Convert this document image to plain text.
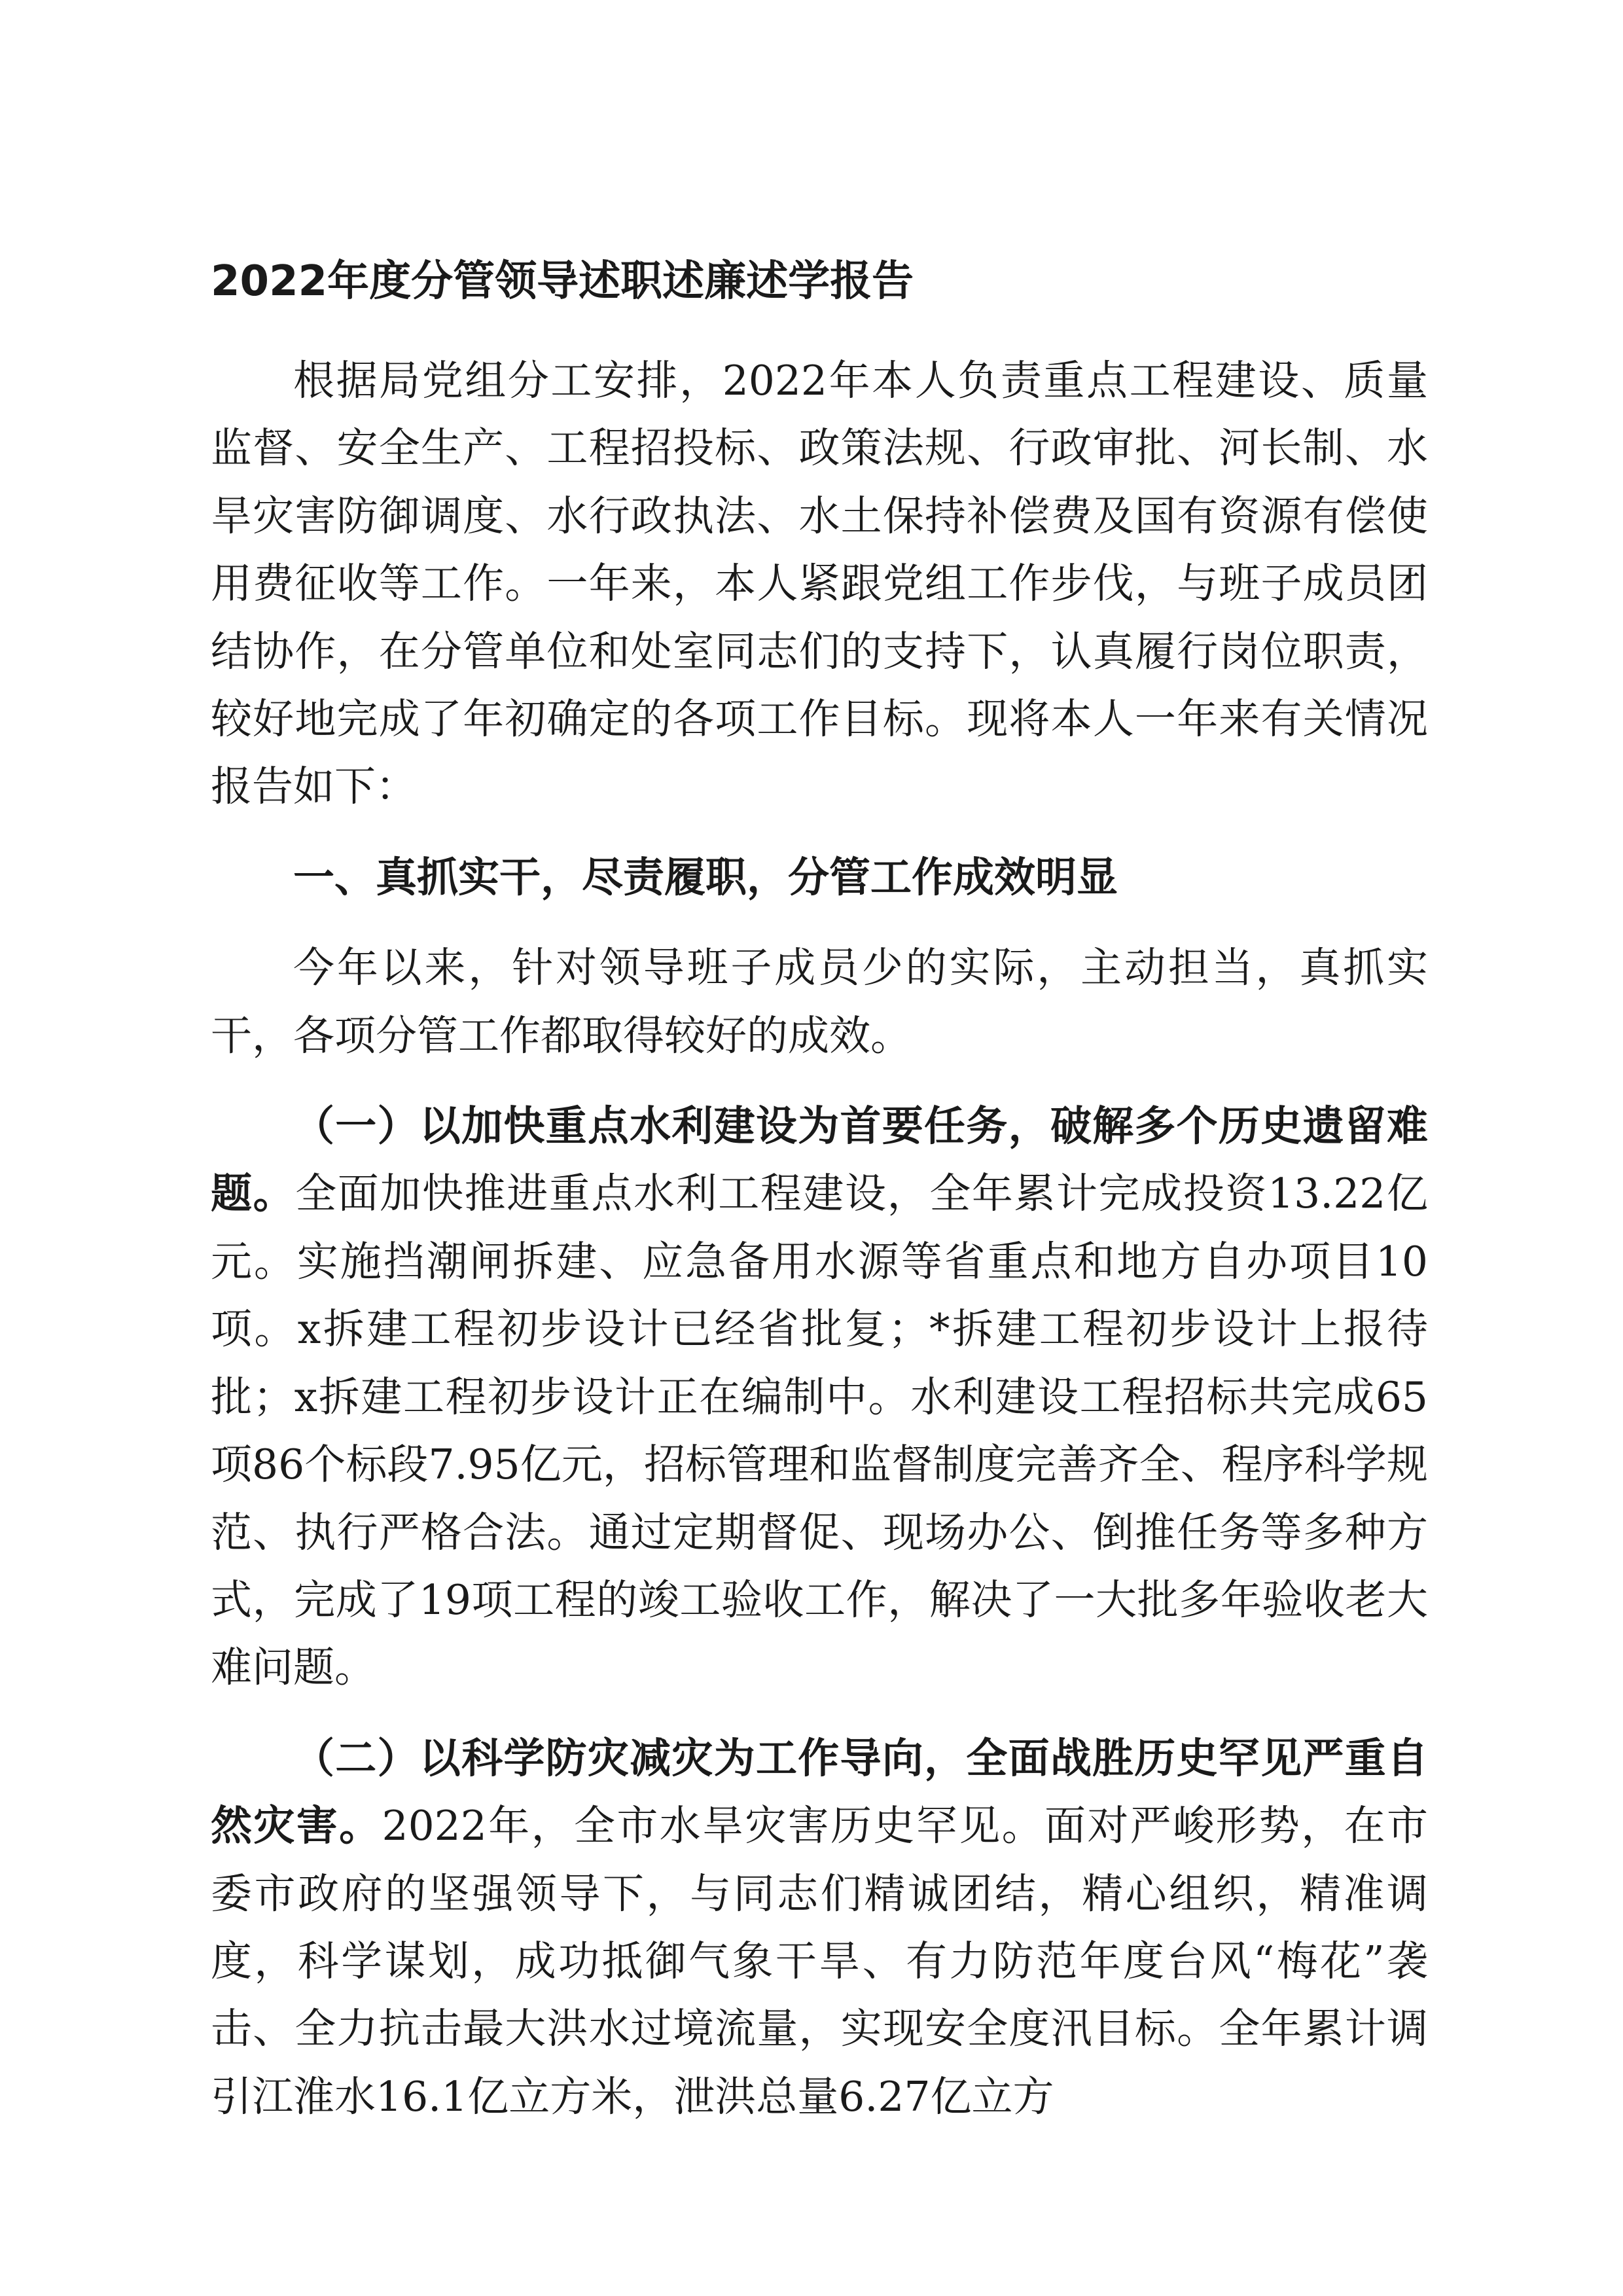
2022年度分管领导述职述廉述学报告

根据局党组分工安排，2022年本人负责重点工程建设、质量监督、安全生产、工程招投标、政策法规、行政审批、河长制、水旱灾害防御调度、水行政执法、水土保持补偿费及国有资源有偿使用费征收等工作。一年来，本人紧跟党组工作步伐，与班子成员团结协作，在分管单位和处室同志们的支持下，认真履行岗位职责，较好地完成了年初确定的各项工作目标。现将本人一年来有关情况报告如下：

一、真抓实干，尽责履职，分管工作成效明显

今年以来，针对领导班子成员少的实际，主动担当，真抓实干，各项分管工作都取得较好的成效。

（一）以加快重点水利建设为首要任务，破解多个历史遗留难题。全面加快推进重点水利工程建设，全年累计完成投资13.22亿元。实施挡潮闸拆建、应急备用水源等省重点和地方自办项目10项。x拆建工程初步设计已经省批复；*拆建工程初步设计上报待批；x拆建工程初步设计正在编制中。水利建设工程招标共完成65项86个标段7.95亿元，招标管理和监督制度完善齐全、程序科学规范、执行严格合法。通过定期督促、现场办公、倒推任务等多种方式，完成了19项工程的竣工验收工作，解决了一大批多年验收老大难问题。

（二）以科学防灾减灾为工作导向，全面战胜历史罕见严重自然灾害。2022年，全市水旱灾害历史罕见。面对严峻形势，在市委市政府的坚强领导下，与同志们精诚团结，精心组织，精准调度，科学谋划，成功抵御气象干旱、有力防范年度台风“梅花”袭击、全力抗击最大洪水过境流量，实现安全度汛目标。全年累计调引江淮水16.1亿立方米，泄洪总量6.27亿立方
